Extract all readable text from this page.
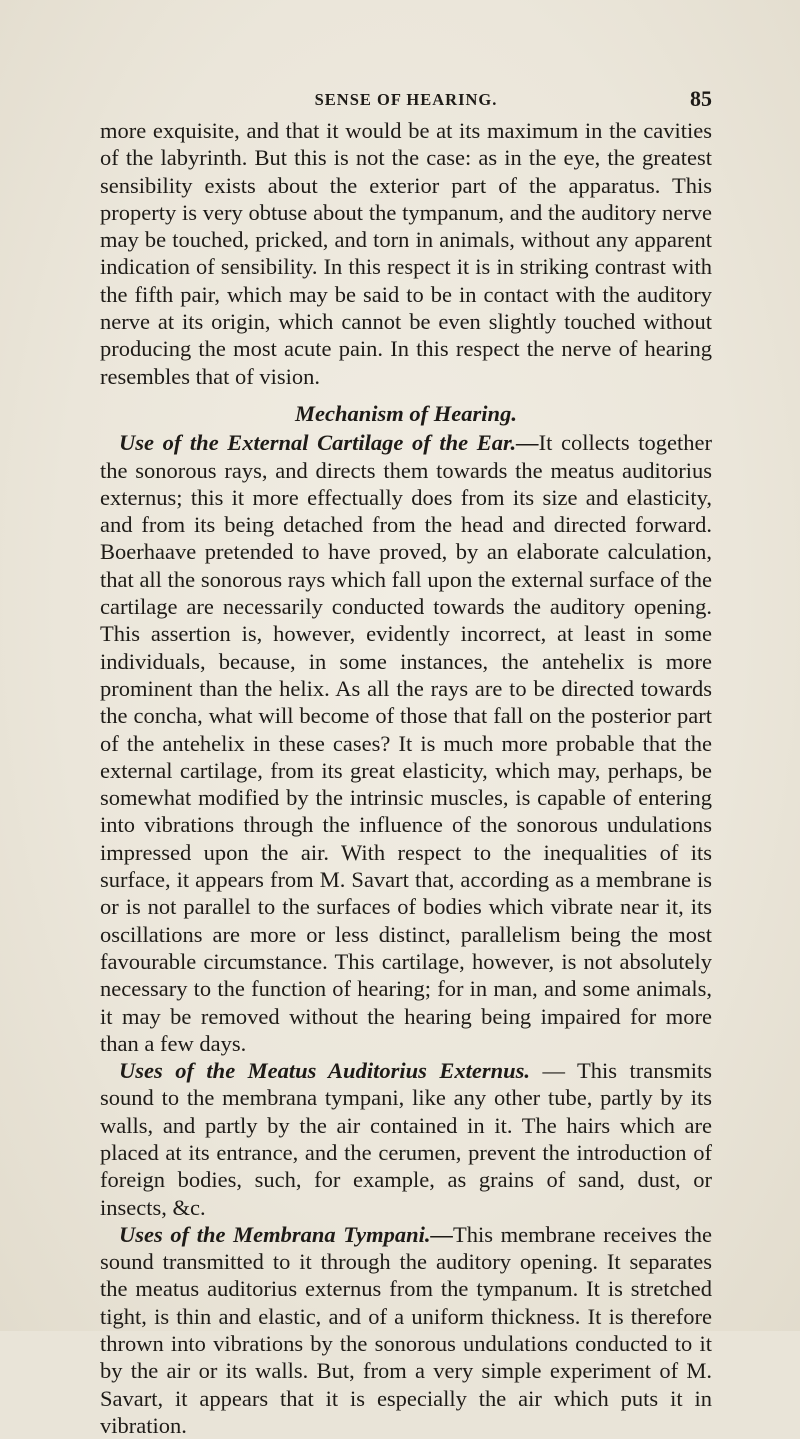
SENSE OF HEARING.	85

more exquisite, and that it would be at its maximum in the cavities of the labyrinth. But this is not the case: as in the eye, the greatest sensibility exists about the exterior part of the apparatus. This property is very obtuse about the tympanum, and the auditory nerve may be touched, pricked, and torn in animals, without any apparent indication of sensibility. In this respect it is in striking contrast with the fifth pair, which may be said to be in contact with the auditory nerve at its origin, which cannot be even slightly touched without producing the most acute pain. In this respect the nerve of hearing resembles that of vision.

Mechanism of Hearing.

Use of the External Cartilage of the Ear.—It collects together the sonorous rays, and directs them towards the meatus auditorius externus; this it more effectually does from its size and elasticity, and from its being detached from the head and directed forward. Boerhaave pretended to have proved, by an elaborate calculation, that all the sonorous rays which fall upon the external surface of the cartilage are necessarily conducted towards the auditory opening. This assertion is, however, evidently incorrect, at least in some individuals, because, in some instances, the antehelix is more prominent than the helix. As all the rays are to be directed towards the concha, what will become of those that fall on the posterior part of the antehelix in these cases? It is much more probable that the external cartilage, from its great elasticity, which may, perhaps, be somewhat modified by the intrinsic muscles, is capable of entering into vibrations through the influence of the sonorous undulations impressed upon the air. With respect to the inequalities of its surface, it appears from M. Savart that, according as a membrane is or is not parallel to the surfaces of bodies which vibrate near it, its oscillations are more or less distinct, parallelism being the most favourable circumstance. This cartilage, however, is not absolutely necessary to the function of hearing; for in man, and some animals, it may be removed without the hearing being impaired for more than a few days.

Uses of the Meatus Auditorius Externus. — This transmits sound to the membrana tympani, like any other tube, partly by its walls, and partly by the air contained in it. The hairs which are placed at its entrance, and the cerumen, prevent the introduction of foreign bodies, such, for example, as grains of sand, dust, or insects, &c.

Uses of the Membrana Tympani.—This membrane receives the sound transmitted to it through the auditory opening. It separates the meatus auditorius externus from the tympanum. It is stretched tight, is thin and elastic, and of a uniform thickness. It is therefore thrown into vibrations by the sonorous undulations conducted to it by the air or its walls. But, from a very simple experiment of M. Savart, it appears that it is especially the air which puts it in vibration.
